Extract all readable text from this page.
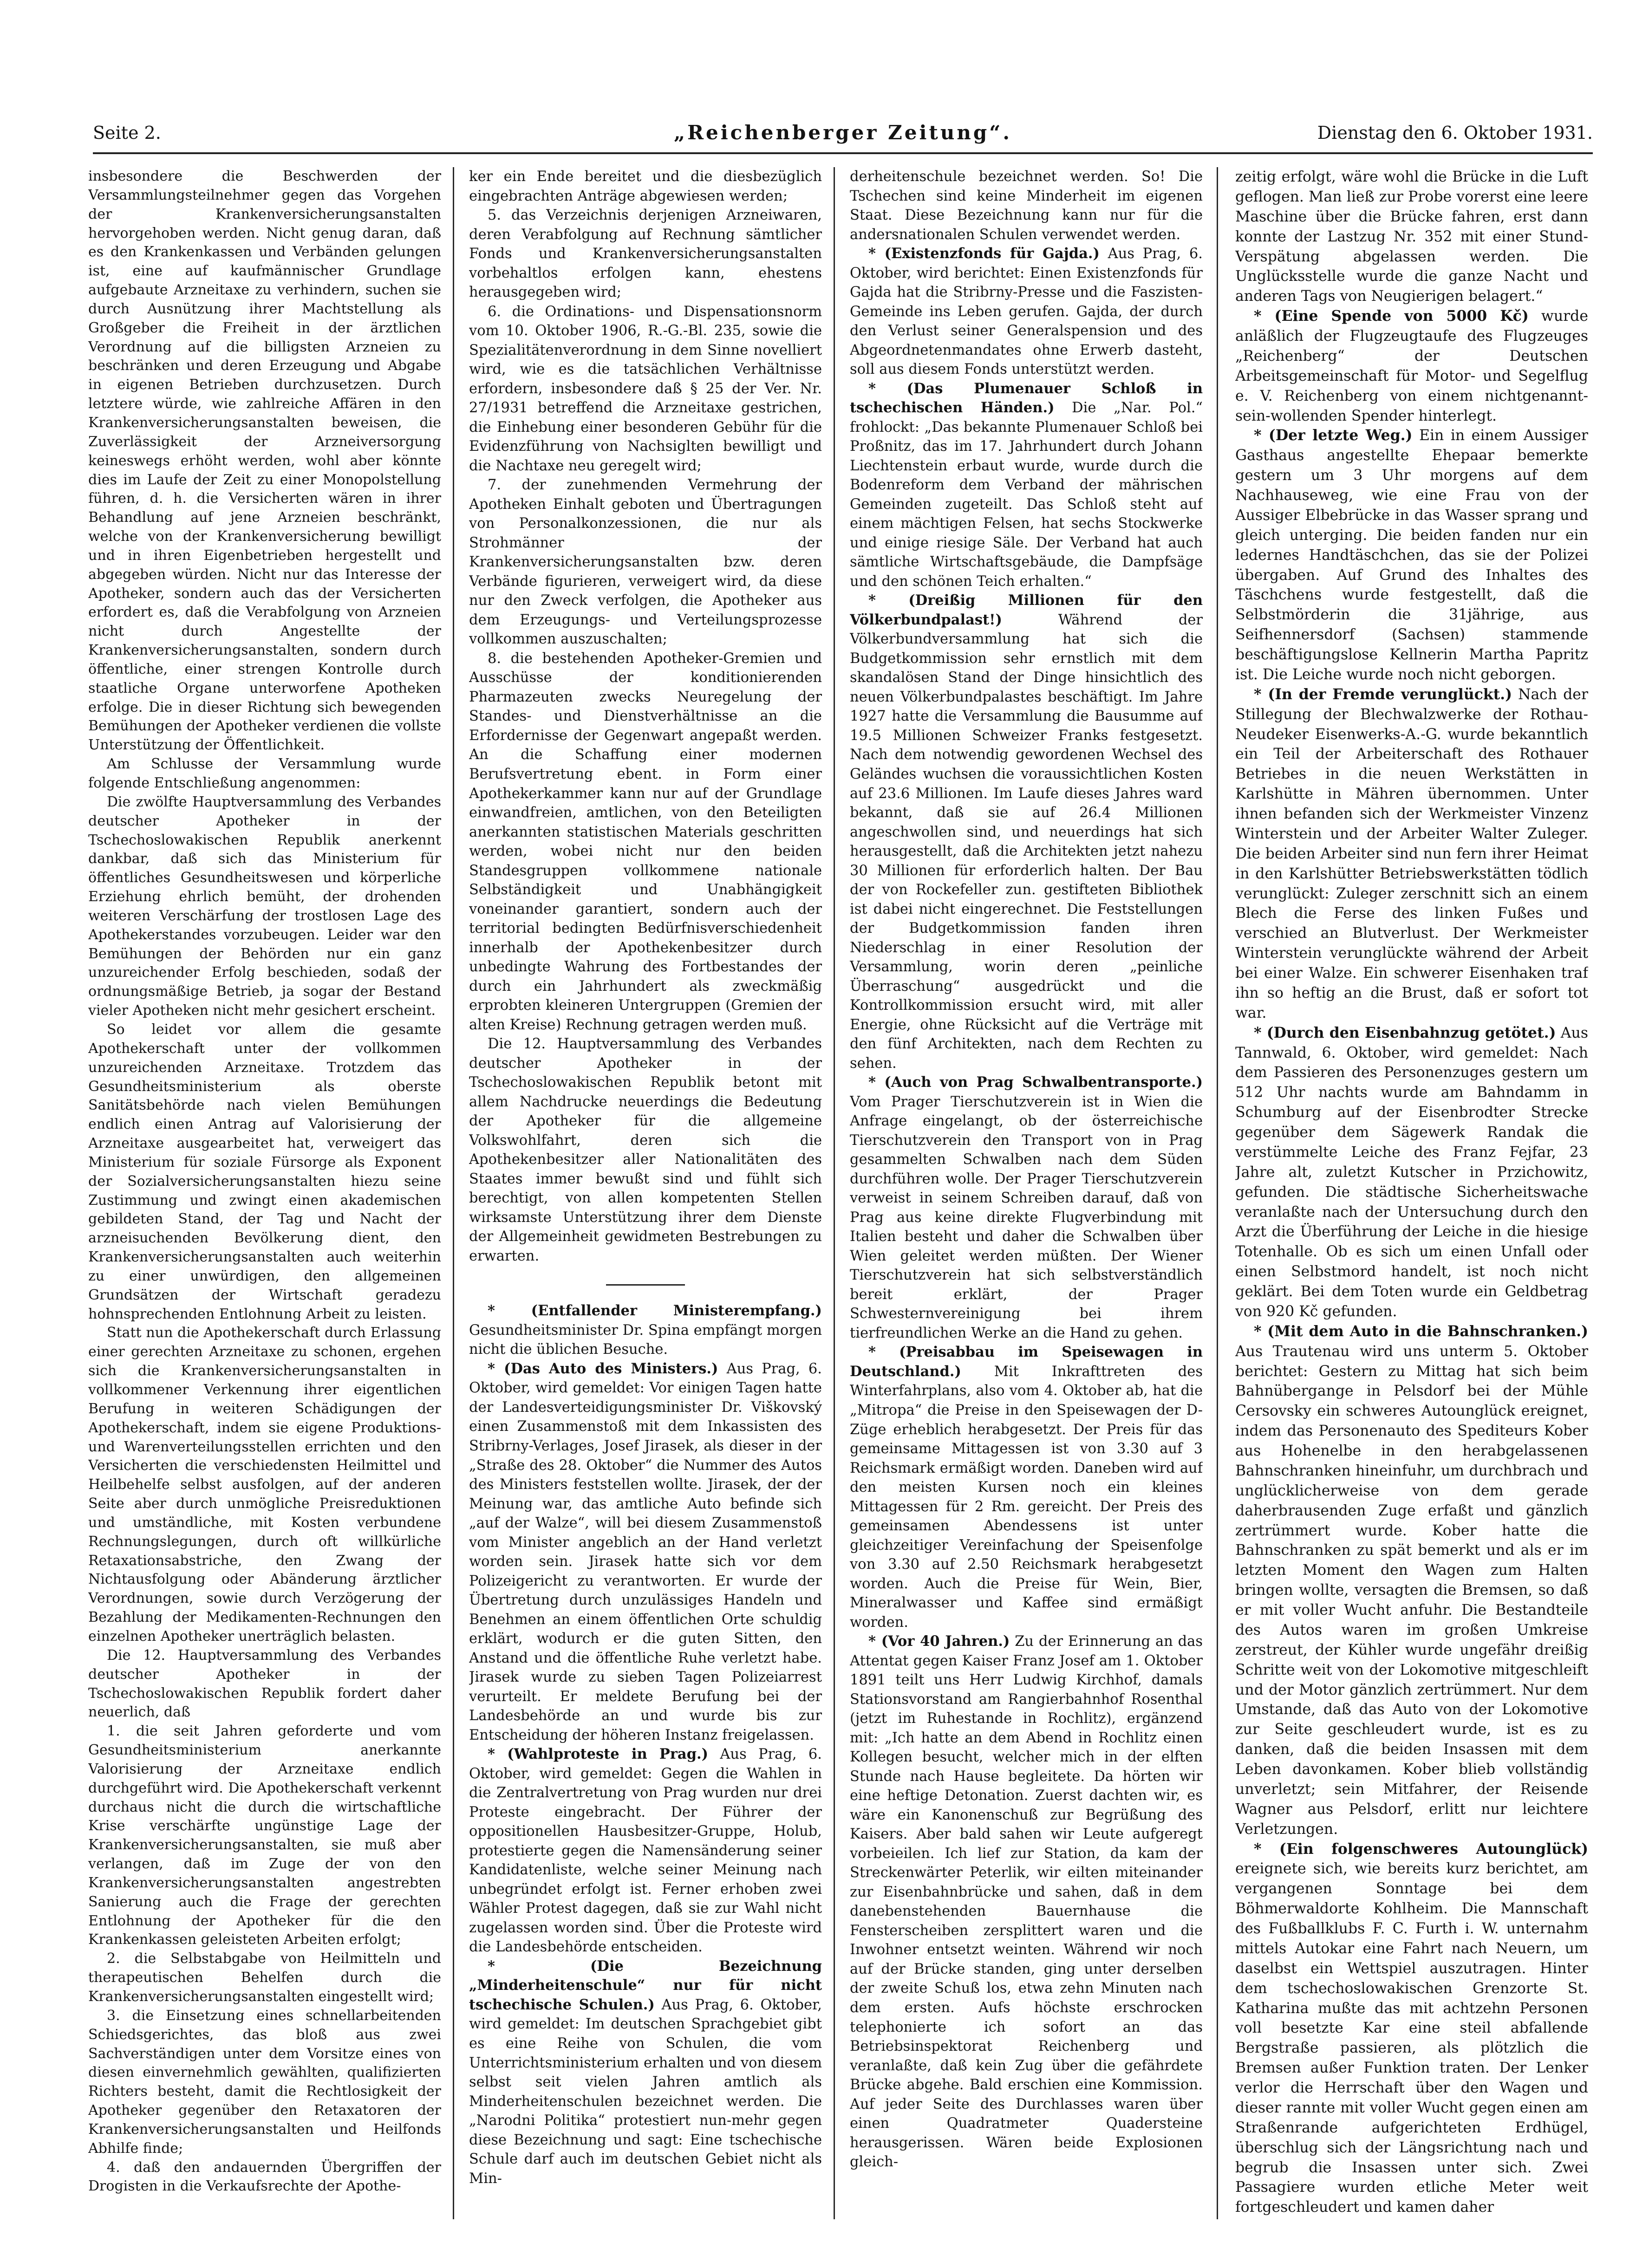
Seite 2.	„Reichenberger Zeitung“.	Dienstag den 6. Oktober 1931.

insbesondere die Beschwerden der Versammlungsteilnehmer gegen das Vorgehen der Krankenversicherungsanstalten hervorgehoben werden. Nicht genug daran, daß es den Krankenkassen und Verbänden gelungen ist, eine auf kaufmännischer Grundlage aufgebaute Arzneitaxe zu verhindern, suchen sie durch Ausnützung ihrer Machtstellung als Großgeber die Freiheit in der ärztlichen Verordnung auf die billigsten Arzneien zu beschränken und deren Erzeugung und Abgabe in eigenen Betrieben durchzusetzen. Durch letztere würde, wie zahlreiche Affären in den Krankenversicherungsanstalten beweisen, die Zuverlässigkeit der Arzneiversorgung keineswegs erhöht werden, wohl aber könnte dies im Laufe der Zeit zu einer Monopolstellung führen, d. h. die Versicherten wären in ihrer Behandlung auf jene Arzneien beschränkt, welche von der Krankenversicherung bewilligt und in ihren Eigenbetrieben hergestellt und abgegeben würden. Nicht nur das Interesse der Apotheker, sondern auch das der Versicherten erfordert es, daß die Verabfolgung von Arzneien nicht durch Angestellte der Krankenversicherungsanstalten, sondern durch öffentliche, einer strengen Kontrolle durch staatliche Organe unterworfene Apotheken erfolge. Die in dieser Richtung sich bewegenden Bemühungen der Apotheker verdienen die vollste Unterstützung der Öffentlichkeit.

Am Schlusse der Versammlung wurde folgende Entschließung angenommen:

Die zwölfte Hauptversammlung des Verbandes deutscher Apotheker in der Tschechoslowakischen Republik anerkennt dankbar, daß sich das Ministerium für öffentliches Gesundheitswesen und körperliche Erziehung ehrlich bemüht, der drohenden weiteren Verschärfung der trostlosen Lage des Apothekerstandes vorzubeugen. Leider war den Bemühungen der Behörden nur ein ganz unzureichender Erfolg beschieden, sodaß der ordnungsmäßige Betrieb, ja sogar der Bestand vieler Apotheken nicht mehr gesichert erscheint.

So leidet vor allem die gesamte Apothekerschaft unter der vollkommen unzureichenden Arzneitaxe. Trotzdem das Gesundheitsministerium als oberste Sanitätsbehörde nach vielen Bemühungen endlich einen Antrag auf Valorisierung der Arzneitaxe ausgearbeitet hat, verweigert das Ministerium für soziale Fürsorge als Exponent der Sozialversicherungsanstalten hiezu seine Zustimmung und zwingt einen akademischen gebildeten Stand, der Tag und Nacht der arzneisuchenden Bevölkerung dient, den Krankenversicherungsanstalten auch weiterhin zu einer unwürdigen, den allgemeinen Grundsätzen der Wirtschaft geradezu hohnsprechenden Entlohnung Arbeit zu leisten.

Statt nun die Apothekerschaft durch Erlassung einer gerechten Arzneitaxe zu schonen, ergehen sich die Krankenversicherungsanstalten in vollkommener Verkennung ihrer eigentlichen Berufung in weiteren Schädigungen der Apothekerschaft, indem sie eigene Produktions- und Warenverteilungsstellen errichten und den Versicherten die verschiedensten Heilmittel und Heilbehelfe selbst ausfolgen, auf der anderen Seite aber durch unmögliche Preisreduktionen und umständliche, mit Kosten verbundene Rechnungslegungen, durch oft willkürliche Retaxationsabstriche, den Zwang der Nichtausfolgung oder Abänderung ärztlicher Verordnungen, sowie durch Verzögerung der Bezahlung der Medikamenten-Rechnungen den einzelnen Apotheker unerträglich belasten.

Die 12. Hauptversammlung des Verbandes deutscher Apotheker in der Tschechoslowakischen Republik fordert daher neuerlich, daß

1. die seit Jahren geforderte und vom Gesundheitsministerium anerkannte Valorisierung der Arzneitaxe endlich durchgeführt wird. Die Apothekerschaft verkennt durchaus nicht die durch die wirtschaftliche Krise verschärfte ungünstige Lage der Krankenversicherungsanstalten, sie muß aber verlangen, daß im Zuge der von den Krankenversicherungsanstalten angestrebten Sanierung auch die Frage der gerechten Entlohnung der Apotheker für die den Krankenkassen geleisteten Arbeiten erfolgt;

2. die Selbstabgabe von Heilmitteln und therapeutischen Behelfen durch die Krankenversicherungsanstalten eingestellt wird;

3. die Einsetzung eines schnellarbeitenden Schiedsgerichtes, das bloß aus zwei Sachverständigen unter dem Vorsitze eines von diesen einvernehmlich gewählten, qualifizierten Richters besteht, damit die Rechtlosigkeit der Apotheker gegenüber den Retaxatoren der Krankenversicherungsanstalten und Heilfonds Abhilfe finde;

4. daß den andauernden Übergriffen der Drogisten in die Verkaufsrechte der Apothe-

ker ein Ende bereitet und die diesbezüglich eingebrachten Anträge abgewiesen werden;

5. das Verzeichnis derjenigen Arzneiwaren, deren Verabfolgung auf Rechnung sämtlicher Fonds und Krankenversicherungsanstalten vorbehaltlos erfolgen kann, ehestens herausgegeben wird;

6. die Ordinations- und Dispensationsnorm vom 10. Oktober 1906, R.-G.-Bl. 235, sowie die Spezialitätenverordnung in dem Sinne novelliert wird, wie es die tatsächlichen Verhältnisse erfordern, insbesondere daß § 25 der Ver. Nr. 27/1931 betreffend die Arzneitaxe gestrichen, die Einhebung einer besonderen Gebühr für die Evidenzführung von Nachsiglten bewilligt und die Nachtaxe neu geregelt wird;

7. der zunehmenden Vermehrung der Apotheken Einhalt geboten und Übertragungen von Personalkonzessionen, die nur als Strohmänner der Krankenversicherungsanstalten bzw. deren Verbände figurieren, verweigert wird, da diese nur den Zweck verfolgen, die Apotheker aus dem Erzeugungs- und Verteilungsprozesse vollkommen auszuschalten;

8. die bestehenden Apotheker-Gremien und Ausschüsse der konditionierenden Pharmazeuten zwecks Neuregelung der Standes- und Dienstverhältnisse an die Erfordernisse der Gegenwart angepaßt werden. An die Schaffung einer modernen Berufsvertretung ebent. in Form einer Apothekerkammer kann nur auf der Grundlage einwandfreien, amtlichen, von den Beteiligten anerkannten statistischen Materials geschritten werden, wobei nicht nur den beiden Standesgruppen vollkommene nationale Selbständigkeit und Unabhängigkeit voneinander garantiert, sondern auch der territorial bedingten Bedürfnisverschiedenheit innerhalb der Apothekenbesitzer durch unbedingte Wahrung des Fortbestandes der durch ein Jahrhundert als zweckmäßig erprobten kleineren Untergruppen (Gremien der alten Kreise) Rechnung getragen werden muß.

Die 12. Hauptversammlung des Verbandes deutscher Apotheker in der Tschechoslowakischen Republik betont mit allem Nachdrucke neuerdings die Bedeutung der Apotheker für die allgemeine Volkswohlfahrt, deren sich die Apothekenbesitzer aller Nationalitäten des Staates immer bewußt sind und fühlt sich berechtigt, von allen kompetenten Stellen wirksamste Unterstützung ihrer dem Dienste der Allgemeinheit gewidmeten Bestrebungen zu erwarten.

* (Entfallender Ministerempfang.) Gesundheitsminister Dr. Spina empfängt morgen nicht die üblichen Besuche.

* (Das Auto des Ministers.) Aus Prag, 6. Oktober, wird gemeldet: Vor einigen Tagen hatte der Landesverteidigungsminister Dr. Viškovský einen Zusammenstoß mit dem Inkassisten des Stribrny-Verlages, Josef Jirasek, als dieser in der „Straße des 28. Oktober“ die Nummer des Autos des Ministers feststellen wollte. Jirasek, der der Meinung war, das amtliche Auto befinde sich „auf der Walze“, will bei diesem Zusammenstoß vom Minister angeblich an der Hand verletzt worden sein. Jirasek hatte sich vor dem Polizeigericht zu verantworten. Er wurde der Übertretung durch unzulässiges Handeln und Benehmen an einem öffentlichen Orte schuldig erklärt, wodurch er die guten Sitten, den Anstand und die öffentliche Ruhe verletzt habe. Jirasek wurde zu sieben Tagen Polizeiarrest verurteilt. Er meldete Berufung bei der Landesbehörde an und wurde bis zur Entscheidung der höheren Instanz freigelassen.

* (Wahlproteste in Prag.) Aus Prag, 6. Oktober, wird gemeldet: Gegen die Wahlen in die Zentralvertretung von Prag wurden nur drei Proteste eingebracht. Der Führer der oppositionellen Hausbesitzer-Gruppe, Holub, protestierte gegen die Namensänderung seiner Kandidatenliste, welche seiner Meinung nach unbegründet erfolgt ist. Ferner erhoben zwei Wähler Protest dagegen, daß sie zur Wahl nicht zugelassen worden sind. Über die Proteste wird die Landesbehörde entscheiden.

* (Die Bezeichnung „Minderheitenschule“ nur für nicht tschechische Schulen.) Aus Prag, 6. Oktober, wird gemeldet: Im deutschen Sprachgebiet gibt es eine Reihe von Schulen, die vom Unterrichtsministerium erhalten und von diesem selbst seit vielen Jahren amtlich als Minderheitenschulen bezeichnet werden. Die „Narodni Politika“ protestiert nun-mehr gegen diese Bezeichnung und sagt: Eine tschechische Schule darf auch im deutschen Gebiet nicht als Min-

derheitenschule bezeichnet werden. So! Die Tschechen sind keine Minderheit im eigenen Staat. Diese Bezeichnung kann nur für die andersnationalen Schulen verwendet werden.

* (Existenzfonds für Gajda.) Aus Prag, 6. Oktober, wird berichtet: Einen Existenzfonds für Gajda hat die Stribrny-Presse und die Faszisten-Gemeinde ins Leben gerufen. Gajda, der durch den Verlust seiner Generalspension und des Abgeordnetenmandates ohne Erwerb dasteht, soll aus diesem Fonds unterstützt werden.

* (Das Plumenauer Schloß in tschechischen Händen.) Die „Nar. Pol.“ frohlockt: „Das bekannte Plumenauer Schloß bei Proßnitz, das im 17. Jahrhundert durch Johann Liechtenstein erbaut wurde, wurde durch die Bodenreform dem Verband der mährischen Gemeinden zugeteilt. Das Schloß steht auf einem mächtigen Felsen, hat sechs Stockwerke und einige riesige Säle. Der Verband hat auch sämtliche Wirtschaftsgebäude, die Dampfsäge und den schönen Teich erhalten.“

* (Dreißig Millionen für den Völkerbundpalast!) Während der Völkerbundversammlung hat sich die Budgetkommission sehr ernstlich mit dem skandalösen Stand der Dinge hinsichtlich des neuen Völkerbundpalastes beschäftigt. Im Jahre 1927 hatte die Versammlung die Bausumme auf 19.5 Millionen Schweizer Franks festgesetzt. Nach dem notwendig gewordenen Wechsel des Geländes wuchsen die voraussichtlichen Kosten auf 23.6 Millionen. Im Laufe dieses Jahres ward bekannt, daß sie auf 26.4 Millionen angeschwollen sind, und neuerdings hat sich herausgestellt, daß die Architekten jetzt nahezu 30 Millionen für erforderlich halten. Der Bau der von Rockefeller zun. gestifteten Bibliothek ist dabei nicht eingerechnet. Die Feststellungen der Budgetkommission fanden ihren Niederschlag in einer Resolution der Versammlung, worin deren „peinliche Überraschung“ ausgedrückt und die Kontrollkommission ersucht wird, mit aller Energie, ohne Rücksicht auf die Verträge mit den fünf Architekten, nach dem Rechten zu sehen.

* (Auch von Prag Schwalbentransporte.) Vom Prager Tierschutzverein ist in Wien die Anfrage eingelangt, ob der österreichische Tierschutzverein den Transport von in Prag gesammelten Schwalben nach dem Süden durchführen wolle. Der Prager Tierschutzverein verweist in seinem Schreiben darauf, daß von Prag aus keine direkte Flugverbindung mit Italien besteht und daher die Schwalben über Wien geleitet werden müßten. Der Wiener Tierschutzverein hat sich selbstverständlich bereit erklärt, der Prager Schwesternvereinigung bei ihrem tierfreundlichen Werke an die Hand zu gehen.

* (Preisabbau im Speisewagen in Deutschland.) Mit Inkrafttreten des Winterfahrplans, also vom 4. Oktober ab, hat die „Mitropa“ die Preise in den Speisewagen der D-Züge erheblich herabgesetzt. Der Preis für das gemeinsame Mittagessen ist von 3.30 auf 3 Reichsmark ermäßigt worden. Daneben wird auf den meisten Kursen noch ein kleines Mittagessen für 2 Rm. gereicht. Der Preis des gemeinsamen Abendessens ist unter gleichzeitiger Vereinfachung der Speisenfolge von 3.30 auf 2.50 Reichsmark herabgesetzt worden. Auch die Preise für Wein, Bier, Mineralwasser und Kaffee sind ermäßigt worden.

* (Vor 40 Jahren.) Zu der Erinnerung an das Attentat gegen Kaiser Franz Josef am 1. Oktober 1891 teilt uns Herr Ludwig Kirchhof, damals Stationsvorstand am Rangierbahnhof Rosenthal (jetzt im Ruhestande in Rochlitz), ergänzend mit: „Ich hatte an dem Abend in Rochlitz einen Kollegen besucht, welcher mich in der elften Stunde nach Hause begleitete. Da hörten wir eine heftige Detonation. Zuerst dachten wir, es wäre ein Kanonenschuß zur Begrüßung des Kaisers. Aber bald sahen wir Leute aufgeregt vorbeieilen. Ich lief zur Station, da kam der Streckenwärter Peterlik, wir eilten miteinander zur Eisenbahnbrücke und sahen, daß in dem danebenstehenden Bauernhause die Fensterscheiben zersplittert waren und die Inwohner entsetzt weinten. Während wir noch auf der Brücke standen, ging unter derselben der zweite Schuß los, etwa zehn Minuten nach dem ersten. Aufs höchste erschrocken telephonierte ich sofort an das Betriebsinspektorat Reichenberg und veranlaßte, daß kein Zug über die gefährdete Brücke abgehe. Bald erschien eine Kommission. Auf jeder Seite des Durchlasses waren über einen Quadratmeter Quadersteine herausgerissen. Wären beide Explosionen gleich-

zeitig erfolgt, wäre wohl die Brücke in die Luft geflogen. Man ließ zur Probe vorerst eine leere Maschine über die Brücke fahren, erst dann konnte der Lastzug Nr. 352 mit einer Stund-Verspätung abgelassen werden. Die Unglücksstelle wurde die ganze Nacht und anderen Tags von Neugierigen belagert.“

* (Eine Spende von 5000 Kč) wurde anläßlich der Flugzeugtaufe des Flugzeuges „Reichenberg“ der Deutschen Arbeitsgemeinschaft für Motor- und Segelflug e. V. Reichenberg von einem nichtgenannt-sein-wollenden Spender hinterlegt.

* (Der letzte Weg.) Ein in einem Aussiger Gasthaus angestellte Ehepaar bemerkte gestern um 3 Uhr morgens auf dem Nachhauseweg, wie eine Frau von der Aussiger Elbebrücke in das Wasser sprang und gleich unterging. Die beiden fanden nur ein ledernes Handtäschchen, das sie der Polizei übergaben. Auf Grund des Inhaltes des Täschchens wurde festgestellt, daß die Selbstmörderin die 31jährige, aus Seifhennersdorf (Sachsen) stammende beschäftigungslose Kellnerin Martha Papritz ist. Die Leiche wurde noch nicht geborgen.

* (In der Fremde verunglückt.) Nach der Stillegung der Blechwalzwerke der Rothau-Neudeker Eisenwerks-A.-G. wurde bekanntlich ein Teil der Arbeiterschaft des Rothauer Betriebes in die neuen Werkstätten in Karlshütte in Mähren übernommen. Unter ihnen befanden sich der Werkmeister Vinzenz Winterstein und der Arbeiter Walter Zuleger. Die beiden Arbeiter sind nun fern ihrer Heimat in den Karlshütter Betriebswerkstätten tödlich verunglückt: Zuleger zerschnitt sich an einem Blech die Ferse des linken Fußes und verschied an Blutverlust. Der Werkmeister Winterstein verunglückte während der Arbeit bei einer Walze. Ein schwerer Eisenhaken traf ihn so heftig an die Brust, daß er sofort tot war.

* (Durch den Eisenbahnzug getötet.) Aus Tannwald, 6. Oktober, wird gemeldet: Nach dem Passieren des Personenzuges gestern um 512 Uhr nachts wurde am Bahndamm in Schumburg auf der Eisenbrodter Strecke gegenüber dem Sägewerk Randak die verstümmelte Leiche des Franz Fejfar, 23 Jahre alt, zuletzt Kutscher in Przichowitz, gefunden. Die städtische Sicherheitswache veranlaßte nach der Untersuchung durch den Arzt die Überführung der Leiche in die hiesige Totenhalle. Ob es sich um einen Unfall oder einen Selbstmord handelt, ist noch nicht geklärt. Bei dem Toten wurde ein Geldbetrag von 920 Kč gefunden.

* (Mit dem Auto in die Bahnschranken.) Aus Trautenau wird uns unterm 5. Oktober berichtet: Gestern zu Mittag hat sich beim Bahnübergange in Pelsdorf bei der Mühle Cersovsky ein schweres Autounglück ereignet, indem das Personenauto des Spediteurs Kober aus Hohenelbe in den herabgelassenen Bahnschranken hineinfuhr, um durchbrach und unglücklicherweise von dem gerade daherbrausenden Zuge erfaßt und gänzlich zertrümmert wurde. Kober hatte die Bahnschranken zu spät bemerkt und als er im letzten Moment den Wagen zum Halten bringen wollte, versagten die Bremsen, so daß er mit voller Wucht anfuhr. Die Bestandteile des Autos waren im großen Umkreise zerstreut, der Kühler wurde ungefähr dreißig Schritte weit von der Lokomotive mitgeschleift und der Motor gänzlich zertrümmert. Nur dem Umstande, daß das Auto von der Lokomotive zur Seite geschleudert wurde, ist es zu danken, daß die beiden Insassen mit dem Leben davonkamen. Kober blieb vollständig unverletzt; sein Mitfahrer, der Reisende Wagner aus Pelsdorf, erlitt nur leichtere Verletzungen.

* (Ein folgenschweres Autounglück) ereignete sich, wie bereits kurz berichtet, am vergangenen Sonntage bei dem Böhmerwaldorte Kohlheim. Die Mannschaft des Fußballklubs F. C. Furth i. W. unternahm mittels Autokar eine Fahrt nach Neuern, um daselbst ein Wettspiel auszutragen. Hinter dem tschechoslowakischen Grenzorte St. Katharina mußte das mit achtzehn Personen voll besetzte Kar eine steil abfallende Bergstraße passieren, als plötzlich die Bremsen außer Funktion traten. Der Lenker verlor die Herrschaft über den Wagen und dieser rannte mit voller Wucht gegen einen am Straßenrande aufgerichteten Erdhügel, überschlug sich der Längsrichtung nach und begrub die Insassen unter sich. Zwei Passagiere wurden etliche Meter weit fortgeschleudert und kamen daher
